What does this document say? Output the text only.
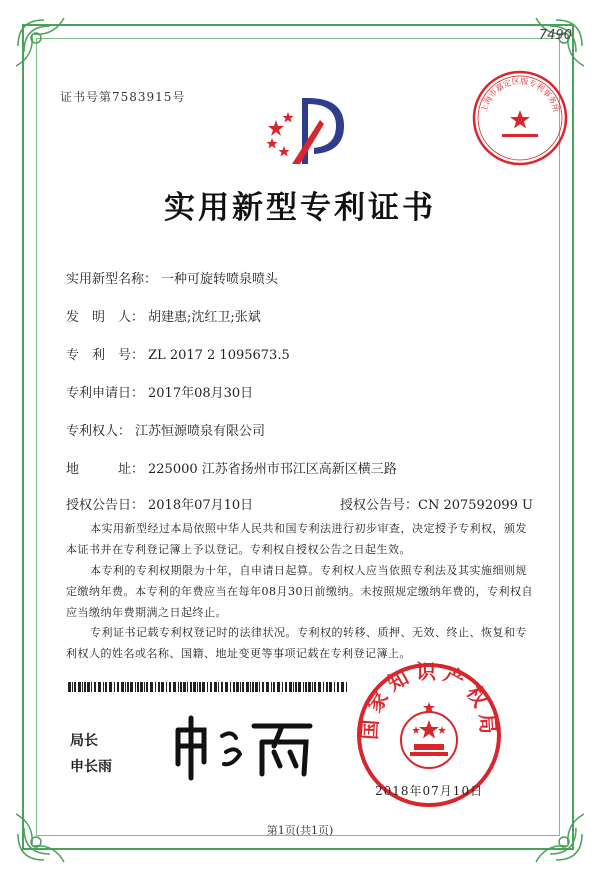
7490
证书号第7583915号
上海市嘉定区版专利事务所
实用新型专利证书
实用新型名称： 一种可旋转喷泉喷头
发　明　人： 胡建惠;沈红卫;张斌
专　利　号： ZL 2017 2 1095673.5
专利申请日： 2017年08月30日
专利权人： 江苏恒源喷泉有限公司
地　　　址： 225000 江苏省扬州市邗江区高新区横三路
授权公告日： 2018年07月10日	授权公告号：CN 207592099 U

本实用新型经过本局依照中华人民共和国专利法进行初步审查，决定授予专利权，颁发本证书并在专利登记簿上予以登记。专利权自授权公告之日起生效。

本专利的专利权期限为十年，自申请日起算。专利权人应当依照专利法及其实施细则规定缴纳年费。本专利的年费应当在每年08月30日前缴纳。未按照规定缴纳年费的，专利权自应当缴纳年费期满之日起终止。

专利证书记载专利权登记时的法律状况。专利权的转移、质押、无效、终止、恢复和专利权人的姓名或名称、国籍、地址变更等事项记载在专利登记簿上。

局长
申长雨
国家知识产权局
2018年07月10日
第1页(共1页)
